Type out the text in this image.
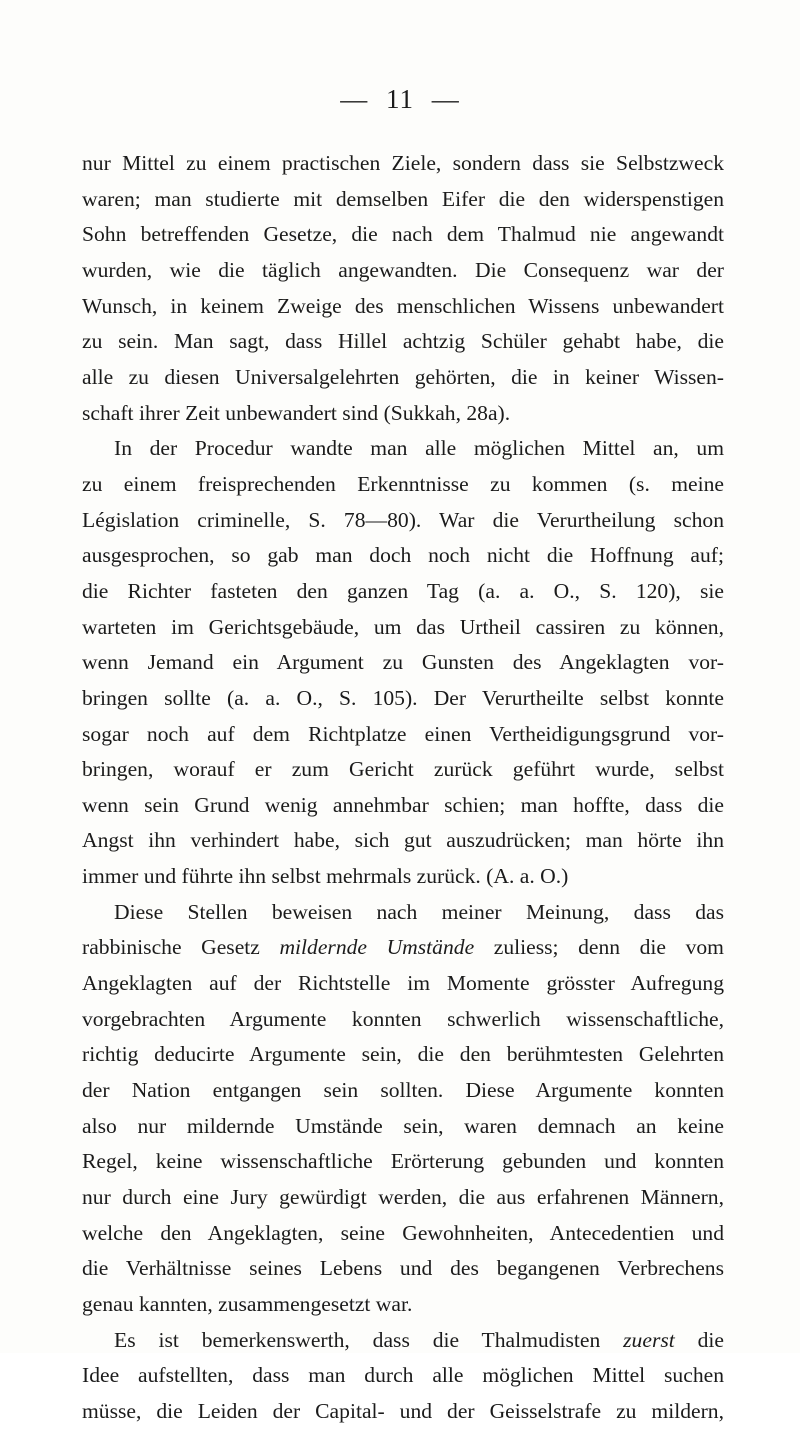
— 11 —
nur Mittel zu einem practischen Ziele, sondern dass sie Selbstzweck
waren; man studierte mit demselben Eifer die den widerspenstigen
Sohn betreffenden Gesetze, die nach dem Thalmud nie angewandt
wurden, wie die täglich angewandten. Die Consequenz war der
Wunsch, in keinem Zweige des menschlichen Wissens unbewandert
zu sein. Man sagt, dass Hillel achtzig Schüler gehabt habe, die
alle zu diesen Universalgelehrten gehörten, die in keiner Wissen-
schaft ihrer Zeit unbewandert sind (Sukkah, 28a).
In der Procedur wandte man alle möglichen Mittel an, um
zu einem freisprechenden Erkenntnisse zu kommen (s. meine
Législation criminelle, S. 78—80). War die Verurtheilung schon
ausgesprochen, so gab man doch noch nicht die Hoffnung auf;
die Richter fasteten den ganzen Tag (a. a. O., S. 120), sie
warteten im Gerichtsgebäude, um das Urtheil cassiren zu können,
wenn Jemand ein Argument zu Gunsten des Angeklagten vor-
bringen sollte (a. a. O., S. 105). Der Verurtheilte selbst konnte
sogar noch auf dem Richtplatze einen Vertheidigungsgrund vor-
bringen, worauf er zum Gericht zurück geführt wurde, selbst
wenn sein Grund wenig annehmbar schien; man hoffte, dass die
Angst ihn verhindert habe, sich gut auszudrücken; man hörte ihn
immer und führte ihn selbst mehrmals zurück. (A. a. O.)
Diese Stellen beweisen nach meiner Meinung, dass das
rabbinische Gesetz mildernde Umstände zuliess; denn die vom
Angeklagten auf der Richtstelle im Momente grösster Aufregung
vorgebrachten Argumente konnten schwerlich wissenschaftliche,
richtig deducirte Argumente sein, die den berühmtesten Gelehrten
der Nation entgangen sein sollten. Diese Argumente konnten
also nur mildernde Umstände sein, waren demnach an keine
Regel, keine wissenschaftliche Erörterung gebunden und konnten
nur durch eine Jury gewürdigt werden, die aus erfahrenen Männern,
welche den Angeklagten, seine Gewohnheiten, Antecedentien und
die Verhältnisse seines Lebens und des begangenen Verbrechens
genau kannten, zusammengesetzt war.
Es ist bemerkenswerth, dass die Thalmudisten zuerst die
Idee aufstellten, dass man durch alle möglichen Mittel suchen
müsse, die Leiden der Capital- und der Geisselstrafe zu mildern,
